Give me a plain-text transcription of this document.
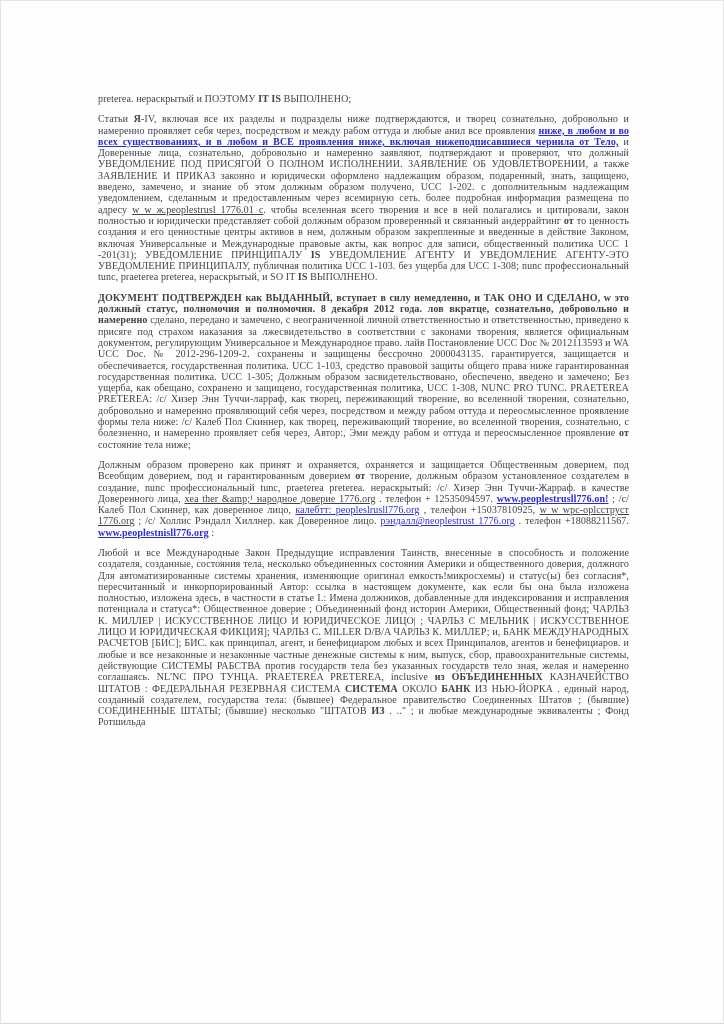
preterea. нераскрытый и ПОЭТОМУ IT IS ВЫПОЛНЕНО;

Статьи Я-IV, включая все их разделы и подразделы ниже подтверждаются, и творец сознательно, добровольно и намеренно проявляет себя через, посредством и между рабом оттуда и любые анил все проявления ниже, в любом и во всех существованиях, и в любом и ВСЕ проявления ниже, включая нижеподписавшиеся чернила от Тело, и Доверенные лица, сознательно, добровольно и намеренно заявляют, подтверждают и проверяют, что должный УВЕДОМЛЕНИЕ ПОД ПРИСЯГОЙ О ПОЛНОМ ИСПОЛНЕНИИ. ЗАЯВЛЕНИЕ ОБ УДОВЛЕТВОРЕНИИ, а также ЗАЯВЛЕНИЕ И ПРИКАЗ законно и юридически оформлено надлежащим образом, подаренный, знать, защищено, введено, замечено, и знание об этом должным образом получено, UCC 1-202. с дополнительным надлежащим уведомлением, сделанным и предоставленным через всемирную сеть. более подробная информация размещена по адресу w w ж.peoplestrusl 1776.01 c. чтобы вселенная всего творения и все в ней полагались и цитировали, закон полностью и юридически представляет собой должным образом проверенный и связанный андеррайтинг от то ценность создания и его ценностные центры активов в нем, должным образом закрепленные и введенные в действие Законом, включая Универсальные и Международные правовые акты, как вопрос для записи, общественный политика UCC 1 -201(31); УВЕДОМЛЕНИЕ ПРИНЦИПАЛУ IS УВЕДОМЛЕНИЕ АГЕНТУ И УВЕДОМЛЕНИЕ АГЕНТУ-ЭТО УВЕДОМЛЕНИЕ ПРИНЦИПАЛУ, публичная политика UCC 1-103. без ущерба для UCC 1-308; nunc профессиональный tunc, praeterea preterea, нераскрытый, и SO IT IS ВЫПОЛНЕНО.

ДОКУМЕНТ ПОДТВЕРЖДЕН как ВЫДАННЫЙ, вступает в силу немедленно, и ТАК ОНО И СДЕЛАНО, w это должный статус, полномочия и полномочия. 8 декабря 2012 года. лов вкратце, сознательно, добровольно и намеренно сделано, передано и замечено, с неограниченной личной ответственностью и ответственностью, приведено к присяге под страхом наказания за лжесвидетельство в соответствии с законами творения, является официальным документом, регулирующим Универсальное и Международное право. лайв Постановление UCC Doc № 2012113593 и WA UCC Doc. № 2012-296-1209-2. сохранены и защищены бессрочно 2000043135. гарантируется, защищается и обеспечивается, государственная политика. UCC 1-103, средство правовой защиты общего права ниже гарантированная государственная политика. UCC 1-305; Должным образом засвидетельствовано, обеспечено, введено и замечено; Без ущерба, как обещано, сохранено и защищено, государственная политика, UCC 1-308, NUNC PRO TUNC. PRAETEREA PRETEREA: /с/ Хизер Энн Туччи-ларраф, как творец, переживающий творение, во вселенной творения, сознательно, добровольно и намеренно проявляющий себя через, посредством и между рабом оттуда и переосмысленное проявление формы тела ниже: /с/ Калеб Пол Скиннер, как творец, переживающий творение, во вселенной творения, сознательно, с болезненно, и намеренно проявляет себя через, Автор:, Эми между рабом и оттуда и переосмысленное проявление от состояние тела ниже;

Должным образом проверено как принят и охраняется, охраняется и защищается Общественным доверием, под Всеобщим доверием, под и гарантированным доверием от творение, должным образом установленное создателем в создание, nunc профессиональный tunc, praeterea preterea. нераскрытый: /с/ Хизер Энн Туччи-Жарраф. в качестве Доверенного лица, xea ther &amp;¹ народное доверие 1776.org . телефон + 12535094597. www.peoplestrusll776.on! ; /с/ Калеб Пол Скиннер, как доверенное лицо, калебтт: peopleslrusll776.org , телефон +15037810925, w w wpc-oplcструст 1776.org ; /с/ Холлис Рэндалл Хиллнер. как Доверенное лицо. рэндалл@neoplestrust 1776.org . телефон +18088211567. www.peoplestnisll776.org :

Любой и все Международные Закон Предыдущие исправления Таинств, внесенные в способность и положение создателя, созданные, состояния тела, несколько объединенных состояния Америки и общественного доверия, должного Для автоматизированные системы хранения, изменяющие оригинал емкость!микросхемы) и статус(ы) без согласия*, пересчитанный и инкорпорированный Автор: ссылка в настоящем документе, как если бы она была изложена полностью, изложена здесь, в частности в статье I.: Имена должников, добавленные для индексирования и исправления потенциала и статуса*: Общественное доверие ; Объединенный фонд историн Америки, Общественный фонд; ЧАРЛЬЗ К. МИЛЛЕР | ИСКУССТВЕННОЕ ЛИЦО И ЮРИДИЧЕСКОЕ ЛИЦО| ; ЧАРЛЬЗ С МЕЛЬНИК | ИСКУССТВЕННОЕ ЛИЦО И ЮРИДИЧЕСКАЯ ФИКЦИЯ]; ЧАРЛЬЗ С. MILLER D/B/A ЧАРЛЬЗ К. МИЛЛЕР; и, БАНК МЕЖДУНАРОДНЫХ РАСЧЕТОВ [БИС]; БИС. как принципал, агент, и бенефициаром любых и всех Принципалов, агентов и бенефициаров. и любые и все незаконные и незаконные частные денежные системы к ним, выпуск, сбор, правоохранительные системы, действующие СИСТЕМЫ РАБСТВА против государств тела без указанных государств тело зная, желая и намеренно соглашаясь. NL'NC ПРО ТУНЦА. PRAETEREA PRETEREA, inclusive из ОБЪЕДИНЕННЫХ КАЗНАЧЕЙСТВО ШТАТОВ : ФЕДЕРАЛЬНАЯ РЕЗЕРВНАЯ СИСТЕМА СИСТЕМА ОКОЛО БАНК ИЗ НЬЮ-ЙОРКА . единый народ, созданный создателем, государства тела: (бывшее) Федеральное правительство Соединенных Штатов ; (бывшие) СОЕДИНЕННЫЕ ШТАТЫ; (бывшие) несколько "ШТАТОВ ИЗ . .." ; и любые международные эквиваленты ; Фонд Ротшильда
